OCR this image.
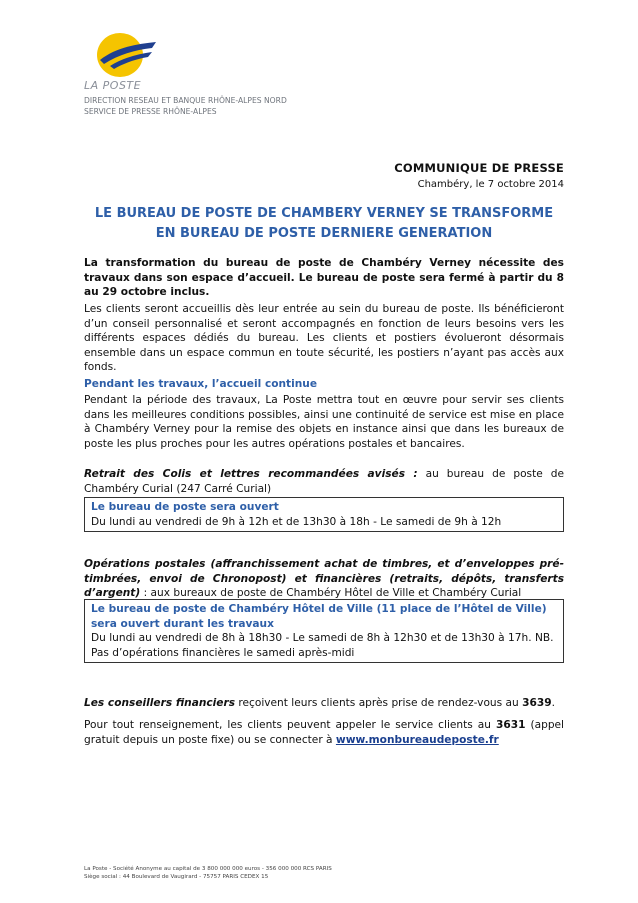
LA POSTE
DIRECTION RESEAU ET BANQUE RHÔNE-ALPES NORD
SERVICE DE PRESSE RHÔNE-ALPES
COMMUNIQUE DE PRESSE
Chambéry, le 7 octobre 2014
LE BUREAU DE POSTE DE CHAMBERY VERNEY SE TRANSFORME
EN BUREAU DE POSTE DERNIERE GENERATION
La transformation du bureau de poste de Chambéry Verney nécessite des travaux dans son espace d’accueil. Le bureau de poste sera fermé à partir du 8 au 29 octobre inclus.
Les clients seront accueillis dès leur entrée au sein du bureau de poste. Ils bénéficieront d’un conseil personnalisé et seront accompagnés en fonction de leurs besoins vers les différents espaces dédiés du bureau. Les clients et postiers évolueront désormais ensemble dans un espace commun en toute sécurité, les postiers n’ayant pas accès aux fonds.
Pendant les travaux, l’accueil continue
Pendant la période des travaux, La Poste mettra tout en œuvre pour servir ses clients dans les meilleures conditions possibles, ainsi une continuité de service est mise en place à Chambéry Verney pour la remise des objets en instance ainsi que dans les bureaux de poste les plus proches pour les autres opérations postales et bancaires.
Retrait des Colis et lettres recommandées avisés : au bureau de poste de Chambéry Curial (247 Carré Curial)
Le bureau de poste sera ouvert
Du lundi au vendredi de 9h à 12h et de 13h30 à 18h - Le samedi de 9h à 12h
Opérations postales (affranchissement achat de timbres, et d’enveloppes pré-timbrées, envoi de Chronopost) et financières (retraits, dépôts, transferts d’argent) : aux bureaux de poste de Chambéry Hôtel de Ville et Chambéry Curial
Le bureau de poste de Chambéry Hôtel de Ville (11 place de l’Hôtel de Ville) sera ouvert durant les travaux
Du lundi au vendredi de 8h à 18h30 - Le samedi de 8h à 12h30 et de 13h30 à 17h. NB. Pas d’opérations financières le samedi après-midi
Les conseillers financiers reçoivent leurs clients après prise de rendez-vous au 3639.
Pour tout renseignement, les clients peuvent appeler le service clients au 3631 (appel gratuit depuis un poste fixe) ou se connecter à www.monbureaudeposte.fr
La Poste - Société Anonyme au capital de 3 800 000 000 euros - 356 000 000 RCS PARIS
Siège social : 44 Boulevard de Vaugirard - 75757 PARIS CEDEX 15
